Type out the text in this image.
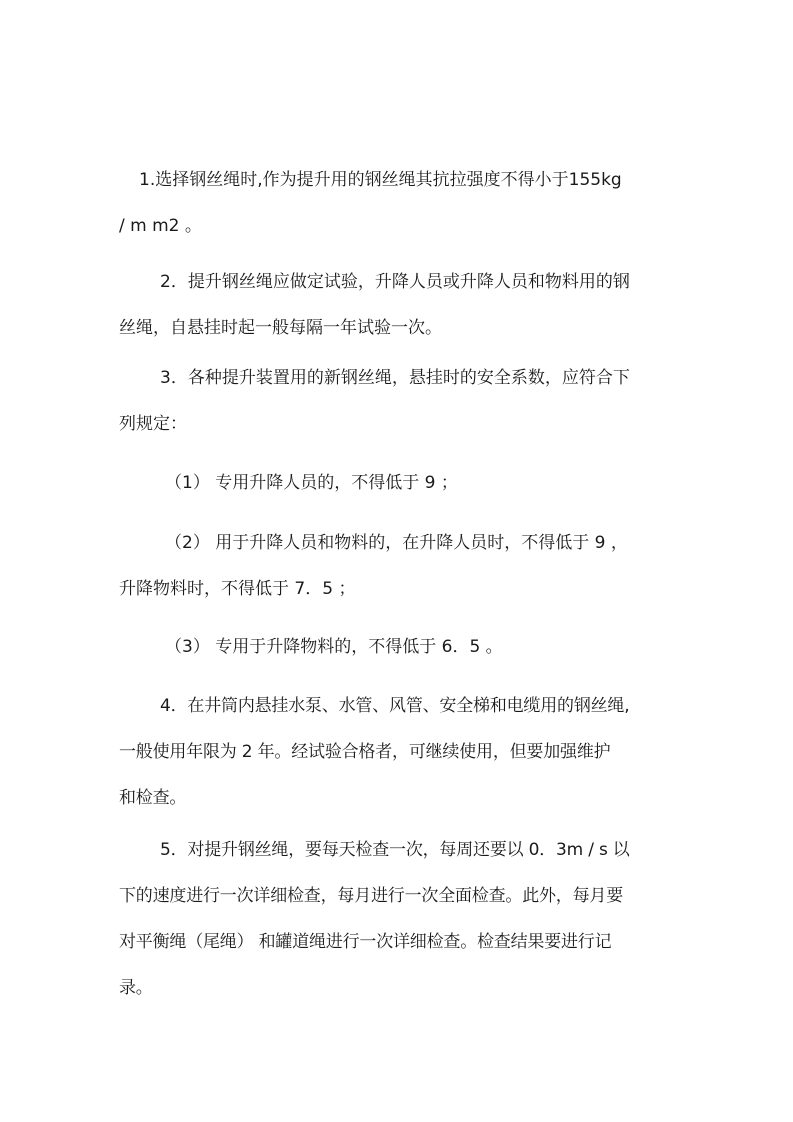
1.选择钢丝绳时,作为提升用的钢丝绳其抗拉强度不得小于155kg
/ m m2 。
2．提升钢丝绳应做定试验，升降人员或升降人员和物料用的钢
丝绳，自悬挂时起一般每隔一年试验一次。
3．各种提升装置用的新钢丝绳，悬挂时的安全系数，应符合下
列规定：
（1） 专用升降人员的，不得低于 9 ；
（2） 用于升降人员和物料的，在升降人员时，不得低于 9 ，
升降物料时，不得低于 7．5 ；
（3） 专用于升降物料的，不得低于 6．5 。
4．在井筒内悬挂水泵、水管、风管、安全梯和电缆用的钢丝绳,
一般使用年限为 2 年。经试验合格者，可继续使用，但要加强维护
和检查。
5．对提升钢丝绳，要每天检查一次，每周还要以 0．3m / s 以
下的速度进行一次详细检查，每月进行一次全面检查。此外，每月要
对平衡绳（尾绳） 和罐道绳进行一次详细检查。检查结果要进行记
录。
